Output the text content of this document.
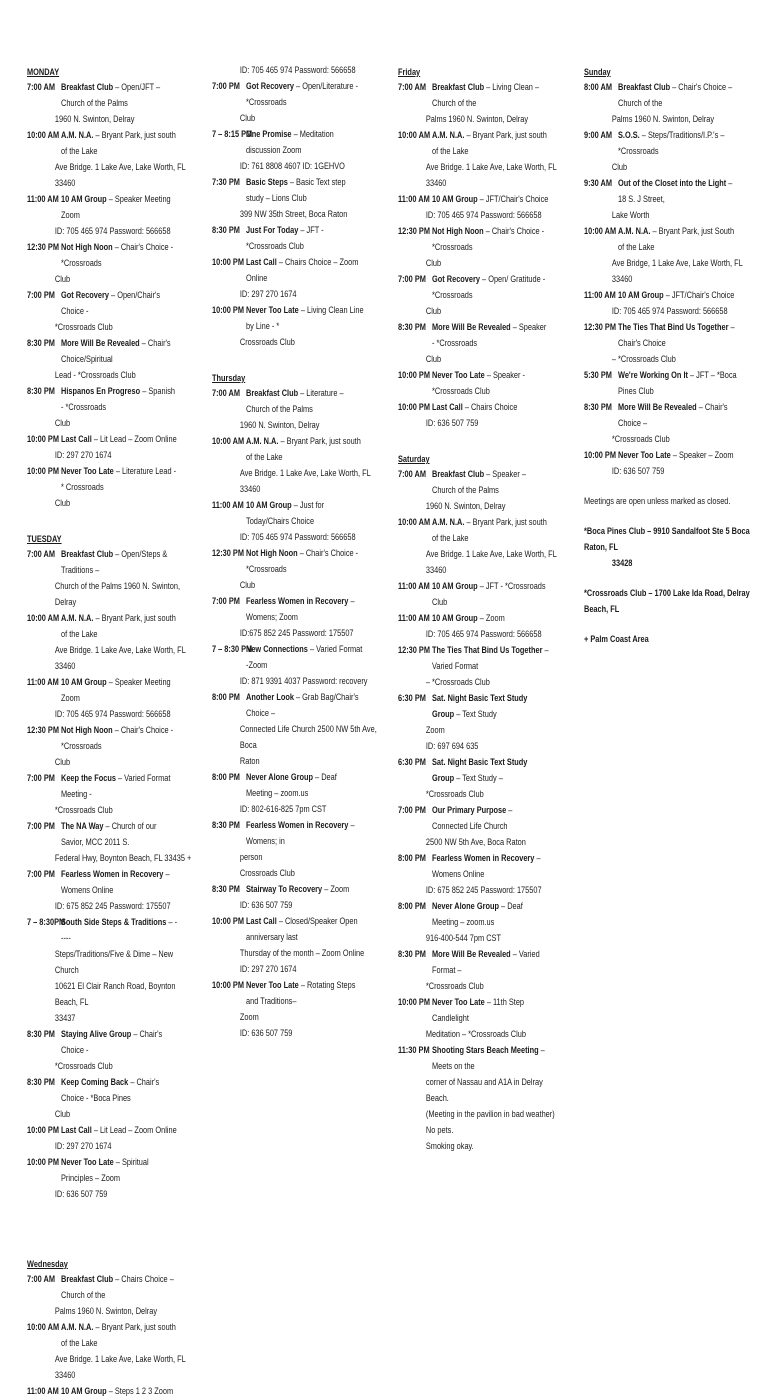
MONDAY
7:00 AM Breakfast Club – Open/JFT – Church of the Palms
1960 N. Swinton, Delray
10:00 AM A.M. N.A. – Bryant Park, just south of the Lake
Ave Bridge. 1 Lake Ave, Lake Worth, FL 33460
11:00 AM 10 AM Group – Speaker Meeting Zoom
ID: 705 465 974 Password: 566658
12:30 PM Not High Noon – Chair's Choice - *Crossroads
Club
7:00 PM Got Recovery – Open/Chair's Choice -
*Crossroads Club
8:30 PM More Will Be Revealed – Chair's Choice/Spiritual
Lead - *Crossroads Club
8:30 PM Hispanos En Progreso – Spanish - *Crossroads
Club
10:00 PM Last Call – Lit Lead – Zoom Online
ID: 297 270 1674
10:00 PM Never Too Late – Literature Lead - * Crossroads
Club
TUESDAY
7:00 AM Breakfast Club – Open/Steps & Traditions –
Church of the Palms 1960 N. Swinton, Delray
10:00 AM A.M. N.A. – Bryant Park, just south of the Lake
Ave Bridge. 1 Lake Ave, Lake Worth, FL 33460
11:00 AM 10 AM Group – Speaker Meeting Zoom
ID: 705 465 974 Password: 566658
12:30 PM Not High Noon – Chair's Choice - *Crossroads
Club
7:00 PM Keep the Focus – Varied Format Meeting -
*Crossroads Club
7:00 PM The NA Way – Church of our Savior, MCC 2011 S.
Federal Hwy, Boynton Beach, FL 33435 +
7:00 PM Fearless Women in Recovery – Womens Online
ID: 675 852 245 Password: 175507
7 – 8:30PM
South Side Steps & Traditions – -----
Steps/Traditions/Five & Dime – New Church
10621 El Clair Ranch Road, Boynton Beach, FL
33437
8:30 PM Staying Alive Group – Chair's Choice -
*Crossroads Club
8:30 PM Keep Coming Back – Chair's Choice - *Boca Pines
Club
10:00 PM Last Call – Lit Lead – Zoom Online
ID: 297 270 1674
10:00 PM Never Too Late – Spiritual Principles – Zoom
ID: 636 507 759
Wednesday
7:00 AM Breakfast Club – Chairs Choice – Church of the
Palms 1960 N. Swinton, Delray
10:00 AM A.M. N.A. – Bryant Park, just south of the Lake
Ave Bridge. 1 Lake Ave, Lake Worth, FL 33460
11:00 AM 10 AM Group – Steps 1 2 3 Zoom
ID: 705 465 974 Password: 566658
7:00 PM Got Recovery – Open/Literature - *Crossroads
Club
7 – 8:15 PM
One Promise – Meditation discussion Zoom
ID: 761 8808 4607 ID: 1GEHVO
7:30 PM Basic Steps – Basic Text step study – Lions Club
399 NW 35th Street, Boca Raton
8:30 PM Just For Today – JFT - *Crossroads Club
10:00 PM Last Call – Chairs Choice – Zoom Online
ID: 297 270 1674
10:00 PM Never Too Late – Living Clean Line by Line - *
Crossroads Club
Thursday
7:00 AM Breakfast Club – Literature – Church of the Palms
1960 N. Swinton, Delray
10:00 AM A.M. N.A. – Bryant Park, just south of the Lake
Ave Bridge. 1 Lake Ave, Lake Worth, FL 33460
11:00 AM 10 AM Group – Just for Today/Chairs Choice
ID: 705 465 974 Password: 566658
12:30 PM Not High Noon – Chair's Choice - *Crossroads
Club
7:00 PM Fearless Women in Recovery – Womens; Zoom
ID:675 852 245 Password: 175507
7 – 8:30 PM
New Connections – Varied Format -Zoom
ID: 871 9391 4037 Password: recovery
8:00 PM Another Look – Grab Bag/Chair's Choice –
Connected Life Church 2500 NW 5th Ave, Boca
Raton
8:00 PM Never Alone Group – Deaf Meeting – zoom.us
ID: 802-616-825 7pm CST
8:30 PM Fearless Women in Recovery – Womens; in
person
Crossroads Club
8:30 PM Stairway To Recovery – Zoom
ID: 636 507 759
10:00 PM Last Call – Closed/Speaker Open anniversary last
Thursday of the month – Zoom Online
ID: 297 270 1674
10:00 PM Never Too Late – Rotating Steps and Traditions–
Zoom
ID: 636 507 759
Friday
7:00 AM Breakfast Club – Living Clean – Church of the
Palms 1960 N. Swinton, Delray
10:00 AM A.M. N.A. – Bryant Park, just south of the Lake
Ave Bridge. 1 Lake Ave, Lake Worth, FL 33460
11:00 AM 10 AM Group – JFT/Chair's Choice
ID: 705 465 974 Password: 566658
12:30 PM Not High Noon – Chair's Choice - *Crossroads
Club
7:00 PM Got Recovery – Open/ Gratitude - *Crossroads
Club
8:30 PM More Will Be Revealed – Speaker - *Crossroads
Club
10:00 PM Never Too Late – Speaker - *Crossroads Club
10:00 PM Last Call – Chairs Choice
ID: 636 507 759
Saturday
7:00 AM Breakfast Club – Speaker – Church of the Palms
1960 N. Swinton, Delray
10:00 AM A.M. N.A. – Bryant Park, just south of the Lake
Ave Bridge. 1 Lake Ave, Lake Worth, FL 33460
11:00 AM 10 AM Group – JFT - *Crossroads Club
11:00 AM 10 AM Group – Zoom
ID: 705 465 974 Password: 566658
12:30 PM The Ties That Bind Us Together – Varied Format
– *Crossroads Club
6:30 PM Sat. Night Basic Text Study Group – Text Study
Zoom
ID: 697 694 635
6:30 PM Sat. Night Basic Text Study Group – Text Study –
*Crossroads Club
7:00 PM Our Primary Purpose – Connected Life Church
2500 NW 5th Ave, Boca Raton
8:00 PM Fearless Women in Recovery – Womens Online
ID: 675 852 245 Password: 175507
8:00 PM Never Alone Group – Deaf Meeting – zoom.us
916-400-544 7pm CST
8:30 PM More Will Be Revealed – Varied Format –
*Crossroads Club
10:00 PM Never Too Late – 11th Step Candlelight
Meditation – *Crossroads Club
11:30 PM Shooting Stars Beach Meeting – Meets on the
corner of Nassau and A1A in Delray Beach.
(Meeting in the pavilion in bad weather) No pets.
Smoking okay.
Sunday
8:00 AM Breakfast Club – Chair's Choice – Church of the
Palms 1960 N. Swinton, Delray
9:00 AM S.O.S. – Steps/Traditions/I.P.'s – *Crossroads
Club
9:30 AM Out of the Closet into the Light – 18 S. J Street,
Lake Worth
10:00 AM A.M. N.A. – Bryant Park, just South of the Lake
Ave Bridge, 1 Lake Ave, Lake Worth, FL 33460
11:00 AM 10 AM Group – JFT/Chair's Choice
ID: 705 465 974 Password: 566658
12:30 PM The Ties That Bind Us Together – Chair's Choice
– *Crossroads Club
5:30 PM We're Working On It – JFT – *Boca Pines Club
8:30 PM More Will Be Revealed – Chair's Choice –
*Crossroads Club
10:00 PM Never Too Late – Speaker – Zoom
ID: 636 507 759
Meetings are open unless marked as closed.
*Boca Pines Club – 9910 Sandalfoot Ste 5 Boca Raton, FL
33428
*Crossroads Club – 1700 Lake Ida Road, Delray Beach, FL
+ Palm Coast Area
